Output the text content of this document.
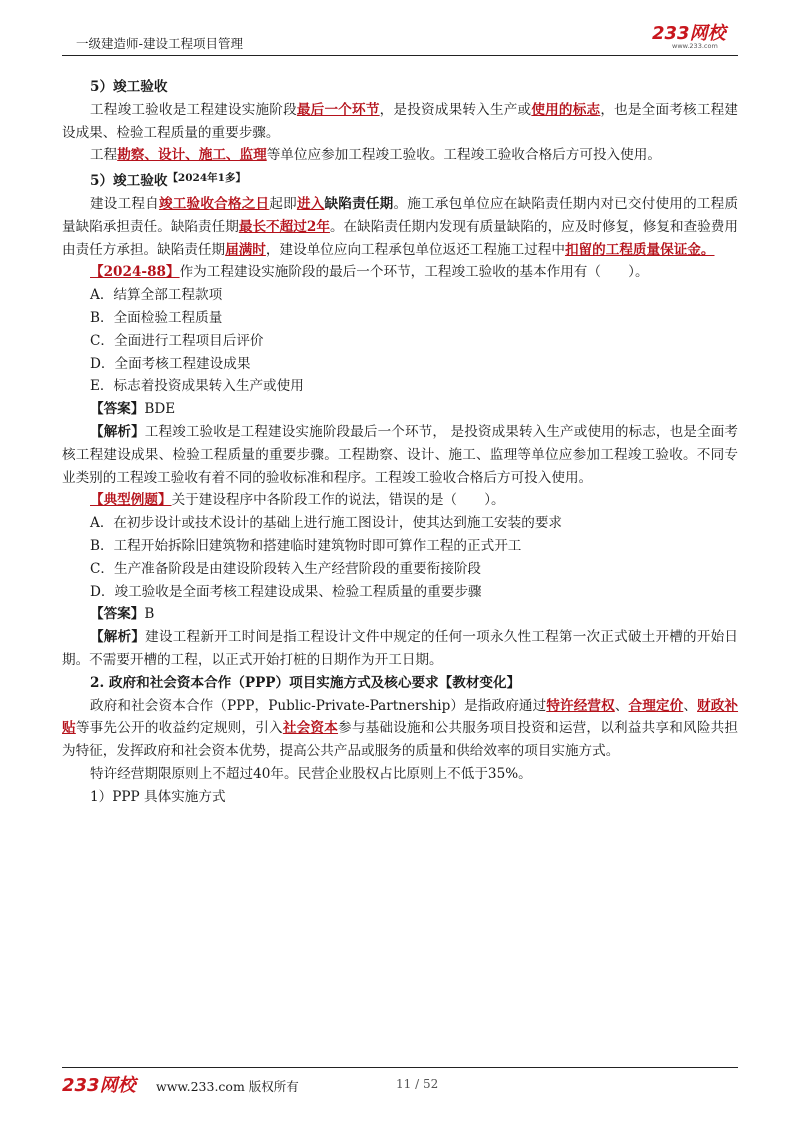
一级建造师-建设工程项目管理	233网校
www.233.com

5）竣工验收

工程竣工验收是工程建设实施阶段最后一个环节，是投资成果转入生产或使用的标志，也是全面考核工程建设成果、检验工程质量的重要步骤。

工程勘察、设计、施工、监理等单位应参加工程竣工验收。工程竣工验收合格后方可投入使用。

5）竣工验收$^{【2024年1多】}$

建设工程自竣工验收合格之日起即进入缺陷责任期。施工承包单位应在缺陷责任期内对已交付使用的工程质量缺陷承担责任。缺陷责任期最长不超过2年。在缺陷责任期内发现有质量缺陷的，应及时修复，修复和查验费用由责任方承担。缺陷责任期届满时，建设单位应向工程承包单位返还工程施工过程中扣留的工程质量保证金。

【2024-88】作为工程建设实施阶段的最后一个环节，工程竣工验收的基本作用有（　　）。

A．结算全部工程款项

B．全面检验工程质量

C．全面进行工程项目后评价

D．全面考核工程建设成果

E．标志着投资成果转入生产或使用

【答案】BDE

【解析】工程竣工验收是工程建设实施阶段最后一个环节， 是投资成果转入生产或使用的标志，也是全面考核工程建设成果、检验工程质量的重要步骤。工程勘察、设计、施工、监理等单位应参加工程竣工验收。不同专业类别的工程竣工验收有着不同的验收标准和程序。工程竣工验收合格后方可投入使用。

【典型例题】关于建设程序中各阶段工作的说法，错误的是（　　）。

A．在初步设计或技术设计的基础上进行施工图设计，使其达到施工安装的要求

B．工程开始拆除旧建筑物和搭建临时建筑物时即可算作工程的正式开工

C．生产准备阶段是由建设阶段转入生产经营阶段的重要衔接阶段

D．竣工验收是全面考核工程建设成果、检验工程质量的重要步骤

【答案】B

【解析】建设工程新开工时间是指工程设计文件中规定的任何一项永久性工程第一次正式破土开槽的开始日期。不需要开槽的工程，以正式开始打桩的日期作为开工日期。

2. 政府和社会资本合作（PPP）项目实施方式及核心要求【教材变化】

政府和社会资本合作（PPP，Public-Private-Partnership）是指政府通过特许经营权、合理定价、财政补贴等事先公开的收益约定规则，引入社会资本参与基础设施和公共服务项目投资和运营，以利益共享和风险共担为特征，发挥政府和社会资本优势，提高公共产品或服务的质量和供给效率的项目实施方式。

特许经营期限原则上不超过40年。民营企业股权占比原则上不低于35%。

1）PPP 具体实施方式

233网校 www.233.com 版权所有	11 / 52
